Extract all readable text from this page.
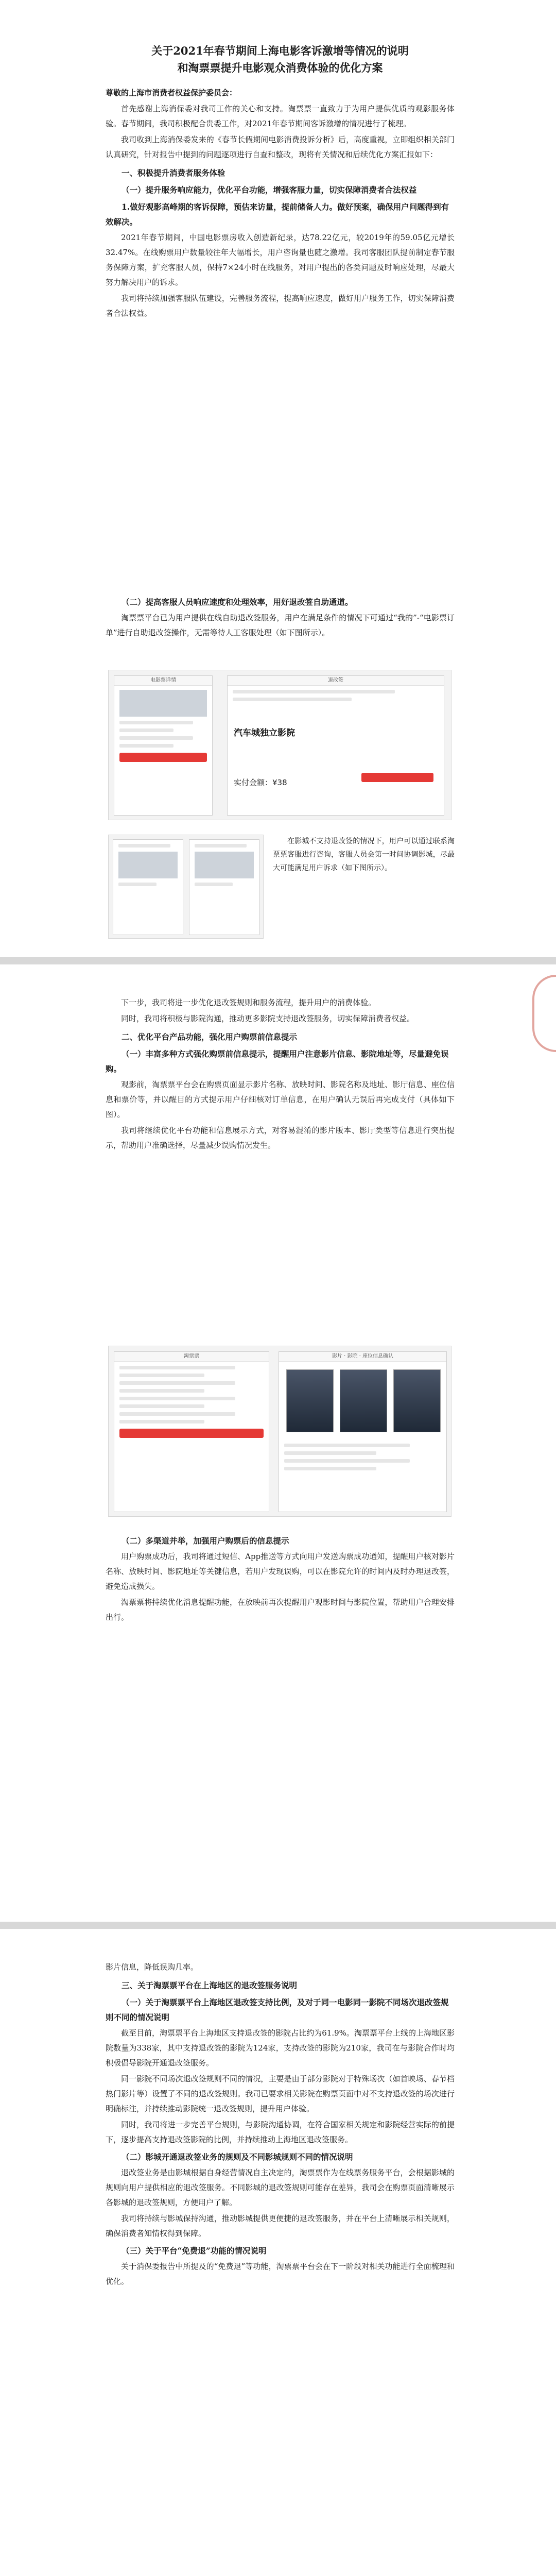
关于2021年春节期间上海电影客诉激增等情况的说明

和淘票票提升电影观众消费体验的优化方案

尊敬的上海市消费者权益保护委员会：

首先感谢上海消保委对我司工作的关心和支持。淘票票一直致力于为用户提供优质的观影服务体验。春节期间，我司积极配合贵委工作，对2021年春节期间客诉激增的情况进行了梳理。

我司收到上海消保委发来的《春节长假期间电影消费投诉分析》后，高度重视，立即组织相关部门认真研究，针对报告中提到的问题逐项进行自查和整改，现将有关情况和后续优化方案汇报如下：

一、积极提升消费者服务体验

（一）提升服务响应能力，优化平台功能，增强客服力量，切实保障消费者合法权益

1.做好观影高峰期的客诉保障，预估来访量，提前储备人力。做好预案，确保用户问题得到有效解决。

2021年春节期间，中国电影票房收入创造新纪录，达78.22亿元，较2019年的59.05亿元增长32.47%。在线购票用户数量较往年大幅增长，用户咨询量也随之激增。我司客服团队提前制定春节服务保障方案，扩充客服人员，保持7×24小时在线服务，对用户提出的各类问题及时响应处理，尽最大努力解决用户的诉求。

我司将持续加强客服队伍建设，完善服务流程，提高响应速度，做好用户服务工作，切实保障消费者合法权益。

（二）提高客服人员响应速度和处理效率，用好退改签自助通道。

淘票票平台已为用户提供在线自助退改签服务，用户在满足条件的情况下可通过“我的”-“电影票订单”进行自助退改签操作，无需等待人工客服处理（如下图所示）。

电影票详情	退改签
汽车城独立影院
实付金额：¥38

在影城不支持退改签的情况下，用户可以通过联系淘票票客服进行咨询，客服人员会第一时间协调影城，尽最大可能满足用户诉求（如下图所示）。

下一步，我司将进一步优化退改签规则和服务流程，提升用户的消费体验。

同时，我司将积极与影院沟通，推动更多影院支持退改签服务，切实保障消费者权益。

二、优化平台产品功能，强化用户购票前信息提示

（一）丰富多种方式强化购票前信息提示，提醒用户注意影片信息、影院地址等，尽量避免误购。

观影前，淘票票平台会在购票页面显示影片名称、放映时间、影院名称及地址、影厅信息、座位信息和票价等，并以醒目的方式提示用户仔细核对订单信息，在用户确认无误后再完成支付（具体如下图）。

我司将继续优化平台功能和信息展示方式，对容易混淆的影片版本、影厅类型等信息进行突出提示，帮助用户准确选择，尽量减少误购情况发生。

淘票票	影片 · 影院 · 座位信息确认

（二）多渠道并举，加强用户购票后的信息提示

用户购票成功后，我司将通过短信、App推送等方式向用户发送购票成功通知，提醒用户核对影片名称、放映时间、影院地址等关键信息，若用户发现误购，可以在影院允许的时间内及时办理退改签，避免造成损失。

淘票票将持续优化消息提醒功能，在放映前再次提醒用户观影时间与影院位置，帮助用户合理安排出行。

影片信息，降低误购几率。

三、关于淘票票平台在上海地区的退改签服务说明

（一）关于淘票票平台上海地区退改签支持比例，及对于同一电影同一影院不同场次退改签规则不同的情况说明

截至目前，淘票票平台上海地区支持退改签的影院占比约为61.9%。淘票票平台上线的上海地区影院数量为338家，其中支持退改签的影院为124家，支持改签的影院为210家，我司在与影院合作时均积极倡导影院开通退改签服务。

同一影院不同场次退改签规则不同的情况，主要是由于部分影院对于特殊场次（如首映场、春节档热门影片等）设置了不同的退改签规则。我司已要求相关影院在购票页面中对不支持退改签的场次进行明确标注，并持续推动影院统一退改签规则，提升用户体验。

同时，我司将进一步完善平台规则，与影院沟通协调，在符合国家相关规定和影院经营实际的前提下，逐步提高支持退改签影院的比例，并持续推动上海地区退改签服务。

（二）影城开通退改签业务的规则及不同影城规则不同的情况说明

退改签业务是由影城根据自身经营情况自主决定的，淘票票作为在线票务服务平台，会根据影城的规则向用户提供相应的退改签服务。不同影城的退改签规则可能存在差异，我司会在购票页面清晰展示各影城的退改签规则，方便用户了解。

我司将持续与影城保持沟通，推动影城提供更便捷的退改签服务，并在平台上清晰展示相关规则，确保消费者知情权得到保障。

（三）关于平台“免费退”功能的情况说明

关于消保委报告中所提及的“免费退”等功能，淘票票平台会在下一阶段对相关功能进行全面梳理和优化。
